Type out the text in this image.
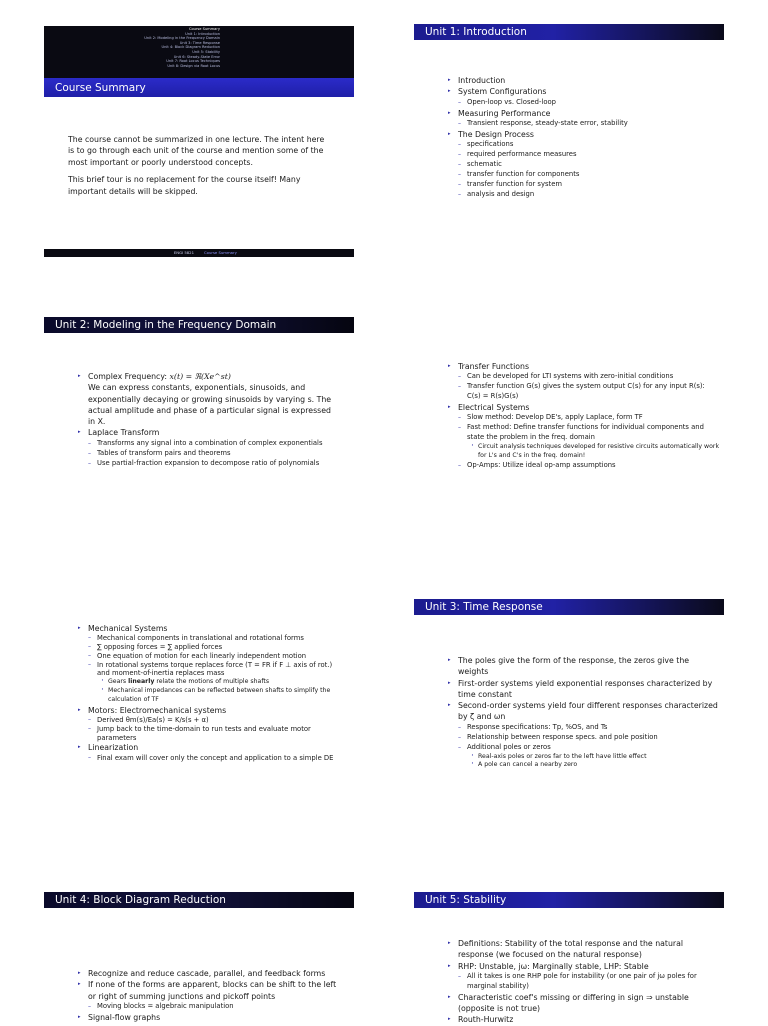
Course Summary
Unit 1: Introduction
Unit 2: Modeling in the Frequency Domain
Unit 3: Time Response
Unit 4: Block Diagram Reduction
Unit 5: Stability
Unit 6: Steady-State Error
Unit 7: Root Locus Techniques
Unit 8: Design via Root Locus
Course Summary

The course cannot be summarized in one lecture. The intent here is to go through each unit of the course and mention some of the most important or poorly understood concepts.

This brief tour is no replacement for the course itself! Many important details will be skipped.

ENGI 5821	Course Summary
Unit 1: Introduction
▸ Introduction
▸ System Configurations
– Open-loop vs. Closed-loop
▸ Measuring Performance
– Transient response, steady-state error, stability
▸ The Design Process
– specifications
– required performance measures
– schematic
– transfer function for components
– transfer function for system
– analysis and design
Unit 2: Modeling in the Frequency Domain
▸ Complex Frequency: x(t) = ℜ(Xe^st)
We can express constants, exponentials, sinusoids, and exponentially decaying or growing sinusoids by varying s. The actual amplitude and phase of a particular signal is expressed in X.
▸ Laplace Transform
– Transforms any signal into a combination of complex exponentials
– Tables of transform pairs and theorems
– Use partial-fraction expansion to decompose ratio of polynomials
▸ Transfer Functions
– Can be developed for LTI systems with zero-initial conditions
– Transfer function G(s) gives the system output C(s) for any input R(s): C(s) = R(s)G(s)
▸ Electrical Systems
– Slow method: Develop DE's, apply Laplace, form TF
– Fast method: Define transfer functions for individual components and state the problem in the freq. domain
· Circuit analysis techniques developed for resistive circuits automatically work for L's and C's in the freq. domain!
– Op-Amps: Utilize ideal op-amp assumptions
▸ Mechanical Systems
– Mechanical components in translational and rotational forms
– ∑ opposing forces = ∑ applied forces
– One equation of motion for each linearly independent motion
– In rotational systems torque replaces force (T = FR if F ⊥ axis of rot.) and moment-of-inertia replaces mass
· Gears linearly relate the motions of multiple shafts
· Mechanical impedances can be reflected between shafts to simplify the calculation of TF
▸ Motors: Electromechanical systems
– Derived θm(s)/Ea(s) = K/s(s + α)
– Jump back to the time-domain to run tests and evaluate motor parameters
▸ Linearization
– Final exam will cover only the concept and application to a simple DE
Unit 3: Time Response
▸ The poles give the form of the response, the zeros give the weights
▸ First-order systems yield exponential responses characterized by time constant
▸ Second-order systems yield four different responses characterized by ζ and ωn
– Response specifications: Tp, %OS, and Ts
– Relationship between response specs. and pole position
– Additional poles or zeros
· Real-axis poles or zeros far to the left have little effect
· A pole can cancel a nearby zero
Unit 4: Block Diagram Reduction
▸ Recognize and reduce cascade, parallel, and feedback forms
▸ If none of the forms are apparent, blocks can be shift to the left or right of summing junctions and pickoff points
– Moving blocks = algebraic manipulation
▸ Signal-flow graphs
Unit 5: Stability
▸ Definitions: Stability of the total response and the natural response (we focused on the natural response)
▸ RHP: Unstable, jω: Marginally stable, LHP: Stable
– All it takes is one RHP pole for instability (or one pair of jω poles for marginal stability)
▸ Characteristic coef's missing or differing in sign ⇒ unstable (opposite is not true)
▸ Routh-Hurwitz
